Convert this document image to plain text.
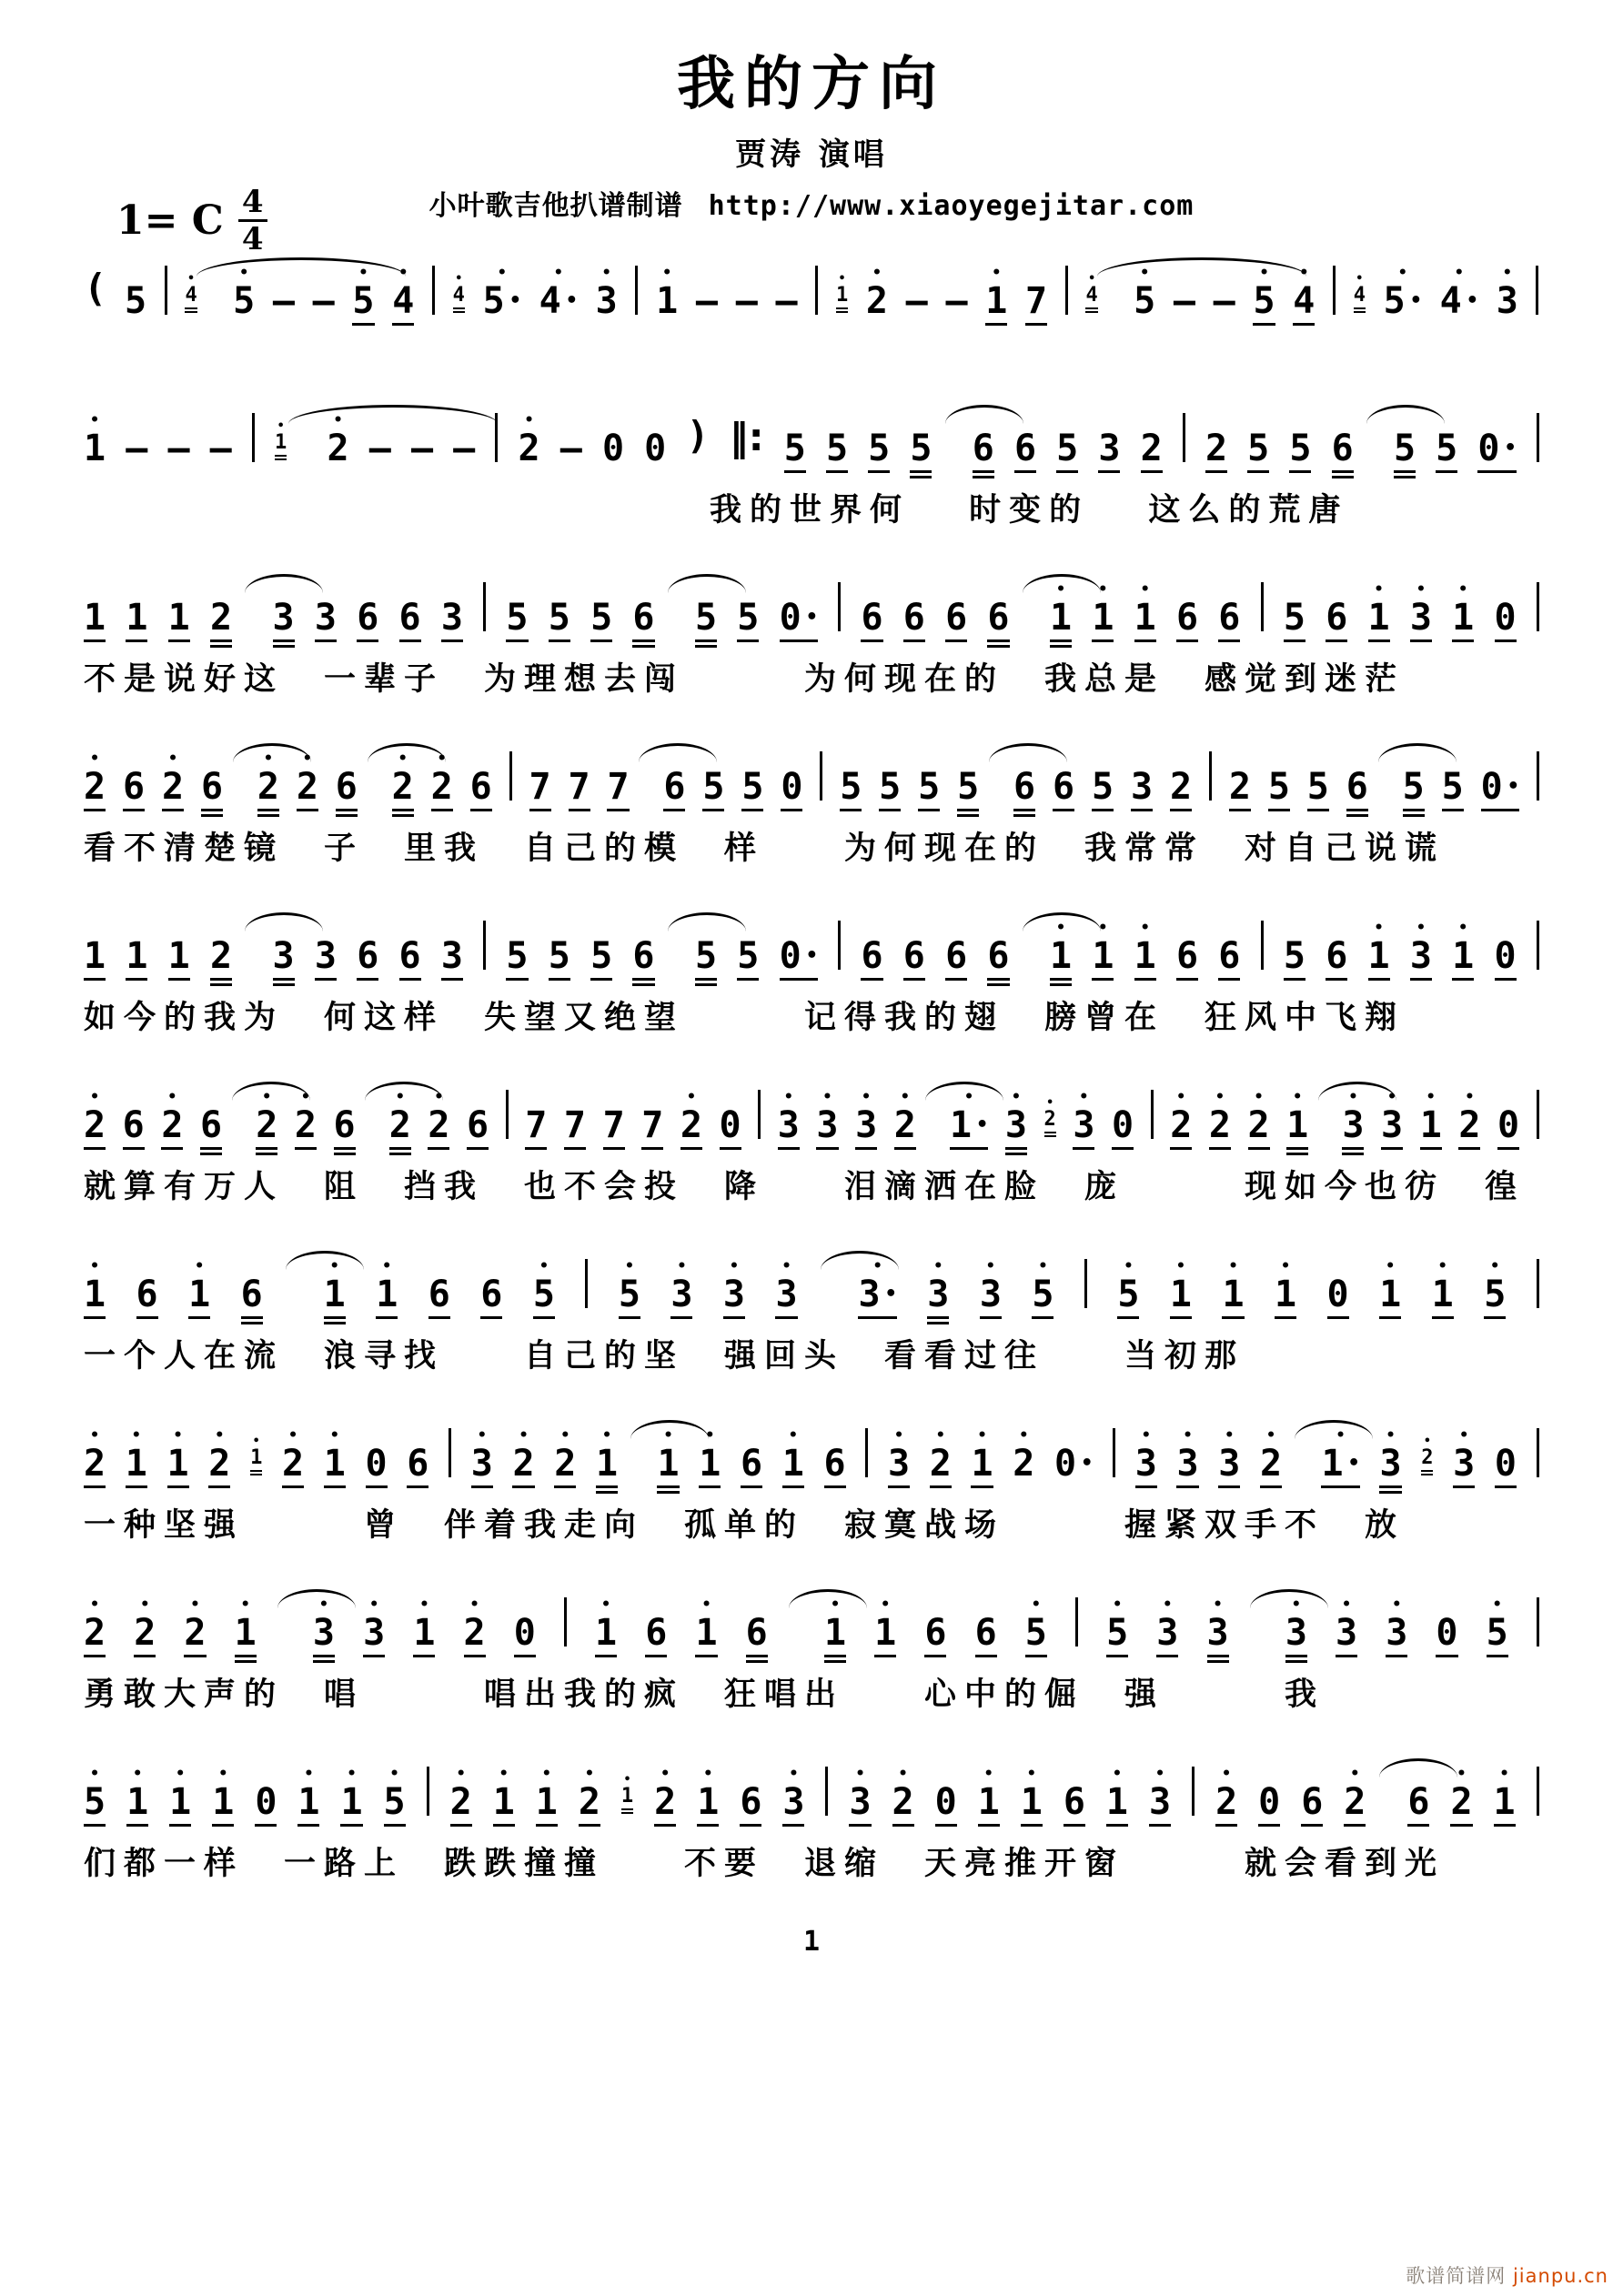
我的方向
贾涛 演唱
小叶歌吉他扒谱制谱 http://www.xiaoyegejitar.com
1= C $\frac{4}{4}$
(
5
•
4
•
5
–
–
•
5
•
4
•
4
•
5 •
•
4 •
•
3
•
1
–
–
–
•
1
•
2
–
–
•
1
7
•
4
•
5
–
–
•
5
•
4
•
4
•
5 •
•
4 •
•
3
•
1
–
–
–
•
1
•
2
–
–
–
•
2
–
0
0 ) ‖:
5
5
5
5
6
6
5
3
2
2
5
5
6
5
5
0 •
我的世界何　 时变的　 这么的荒唐

1
1
1
2
3
3
6
6
3
5
5
5
6
5
5
0 •
6
6
6
6
•
1
•
1
•
1
6
6
5
6
•
1
•
3
•
1
0
不是说好这　一辈子　为理想去闯　　　为何现在的　我总是　感觉到迷茫
•
2
6
•
2
6
•
2
•
2
6
•
2
•
2
6
7
7
7
6
5
5
0
5
5
5
5
6
6
5
3
2
2
5
5
6
5
5
0 •
看不清楚镜　子　里我　自己的模　样　　为何现在的　我常常　对自己说谎

1
1
1
2
3
3
6
6
3
5
5
5
6
5
5
0 •
6
6
6
6
•
1
•
1
•
1
6
6
5
6
•
1
•
3
•
1
0
如今的我为　何这样　失望又绝望　　　记得我的翅　膀曾在　狂风中飞翔
•
2
6
•
2
6
•
2
•
2
6
•
2
•
2
6
7
7
7
7
•
2
0
•
3
•
3
•
3
•
2
•
1 •
•
3
•
2
•
3
0
•
2
•
2
•
2
•
1
•
3
•
3
•
1
•
2
0
就算有万人　阻　挡我　也不会投　降　　泪滴洒在脸　庞　　　现如今也彷　徨
•
1
6
•
1
6
•
1
•
1
6
6
•
5
•
5
•
3
•
3
•
3
•
3 •
•
3
•
3
•
5
•
5
•
1
•
1
•
1
0
•
1
•
1
•
5
一个人在流　浪寻找　　自己的坚　强回头　看看过往　　当初那
•
2
•
1
•
1
•
2
•
1
•
2
•
1
0
6
•
3
•
2
•
2
•
1
•
1
•
1
6
•
1
6
•
3
•
2
•
1
•
2
0 •
•
3
•
3
•
3
•
2
•
1 •
•
3
•
2
•
3
0
一种坚强　　　曾　伴着我走向　孤单的　寂寞战场　　　握紧双手不　放
•
2
•
2
•
2
•
1
•
3
•
3
•
1
•
2
0
•
1
6
•
1
6
•
1
•
1
6
6
•
5
•
5
•
3
•
3
•
3
•
3
•
3
0
•
5
勇敢大声的　唱　　　唱出我的疯　狂唱出　　心中的倔　强　　　我
•
5
•
1
•
1
•
1
0
•
1
•
1
•
5
•
2
•
1
•
1
•
2
•
1
•
2
•
1
6
•
3
•
3
•
2
0
•
1
•
1
6
•
1
•
3
•
2
0
6
•
2
6
•
2
•
1
们都一样　一路上　跌跌撞撞　　不要　退缩　天亮推开窗　　　就会看到光
1
歌谱简谱网 jianpu.cn
